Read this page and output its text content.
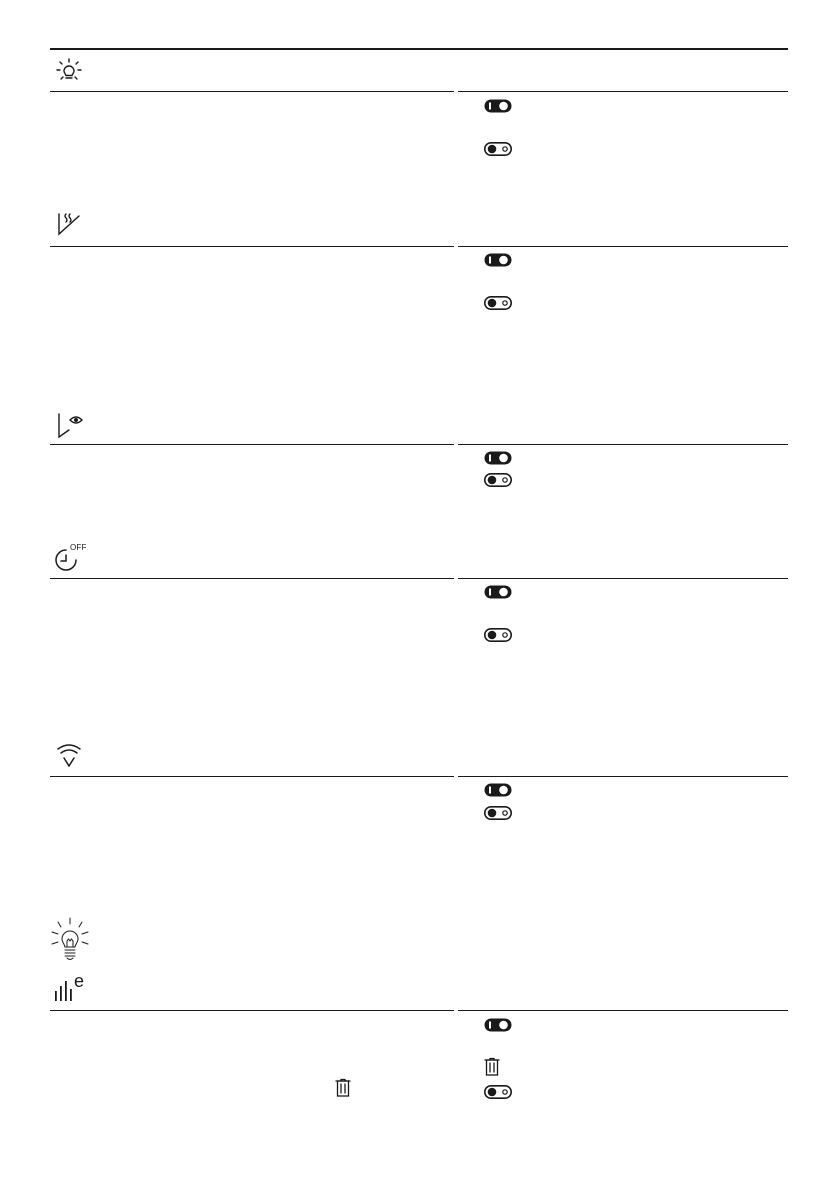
OFF
e
